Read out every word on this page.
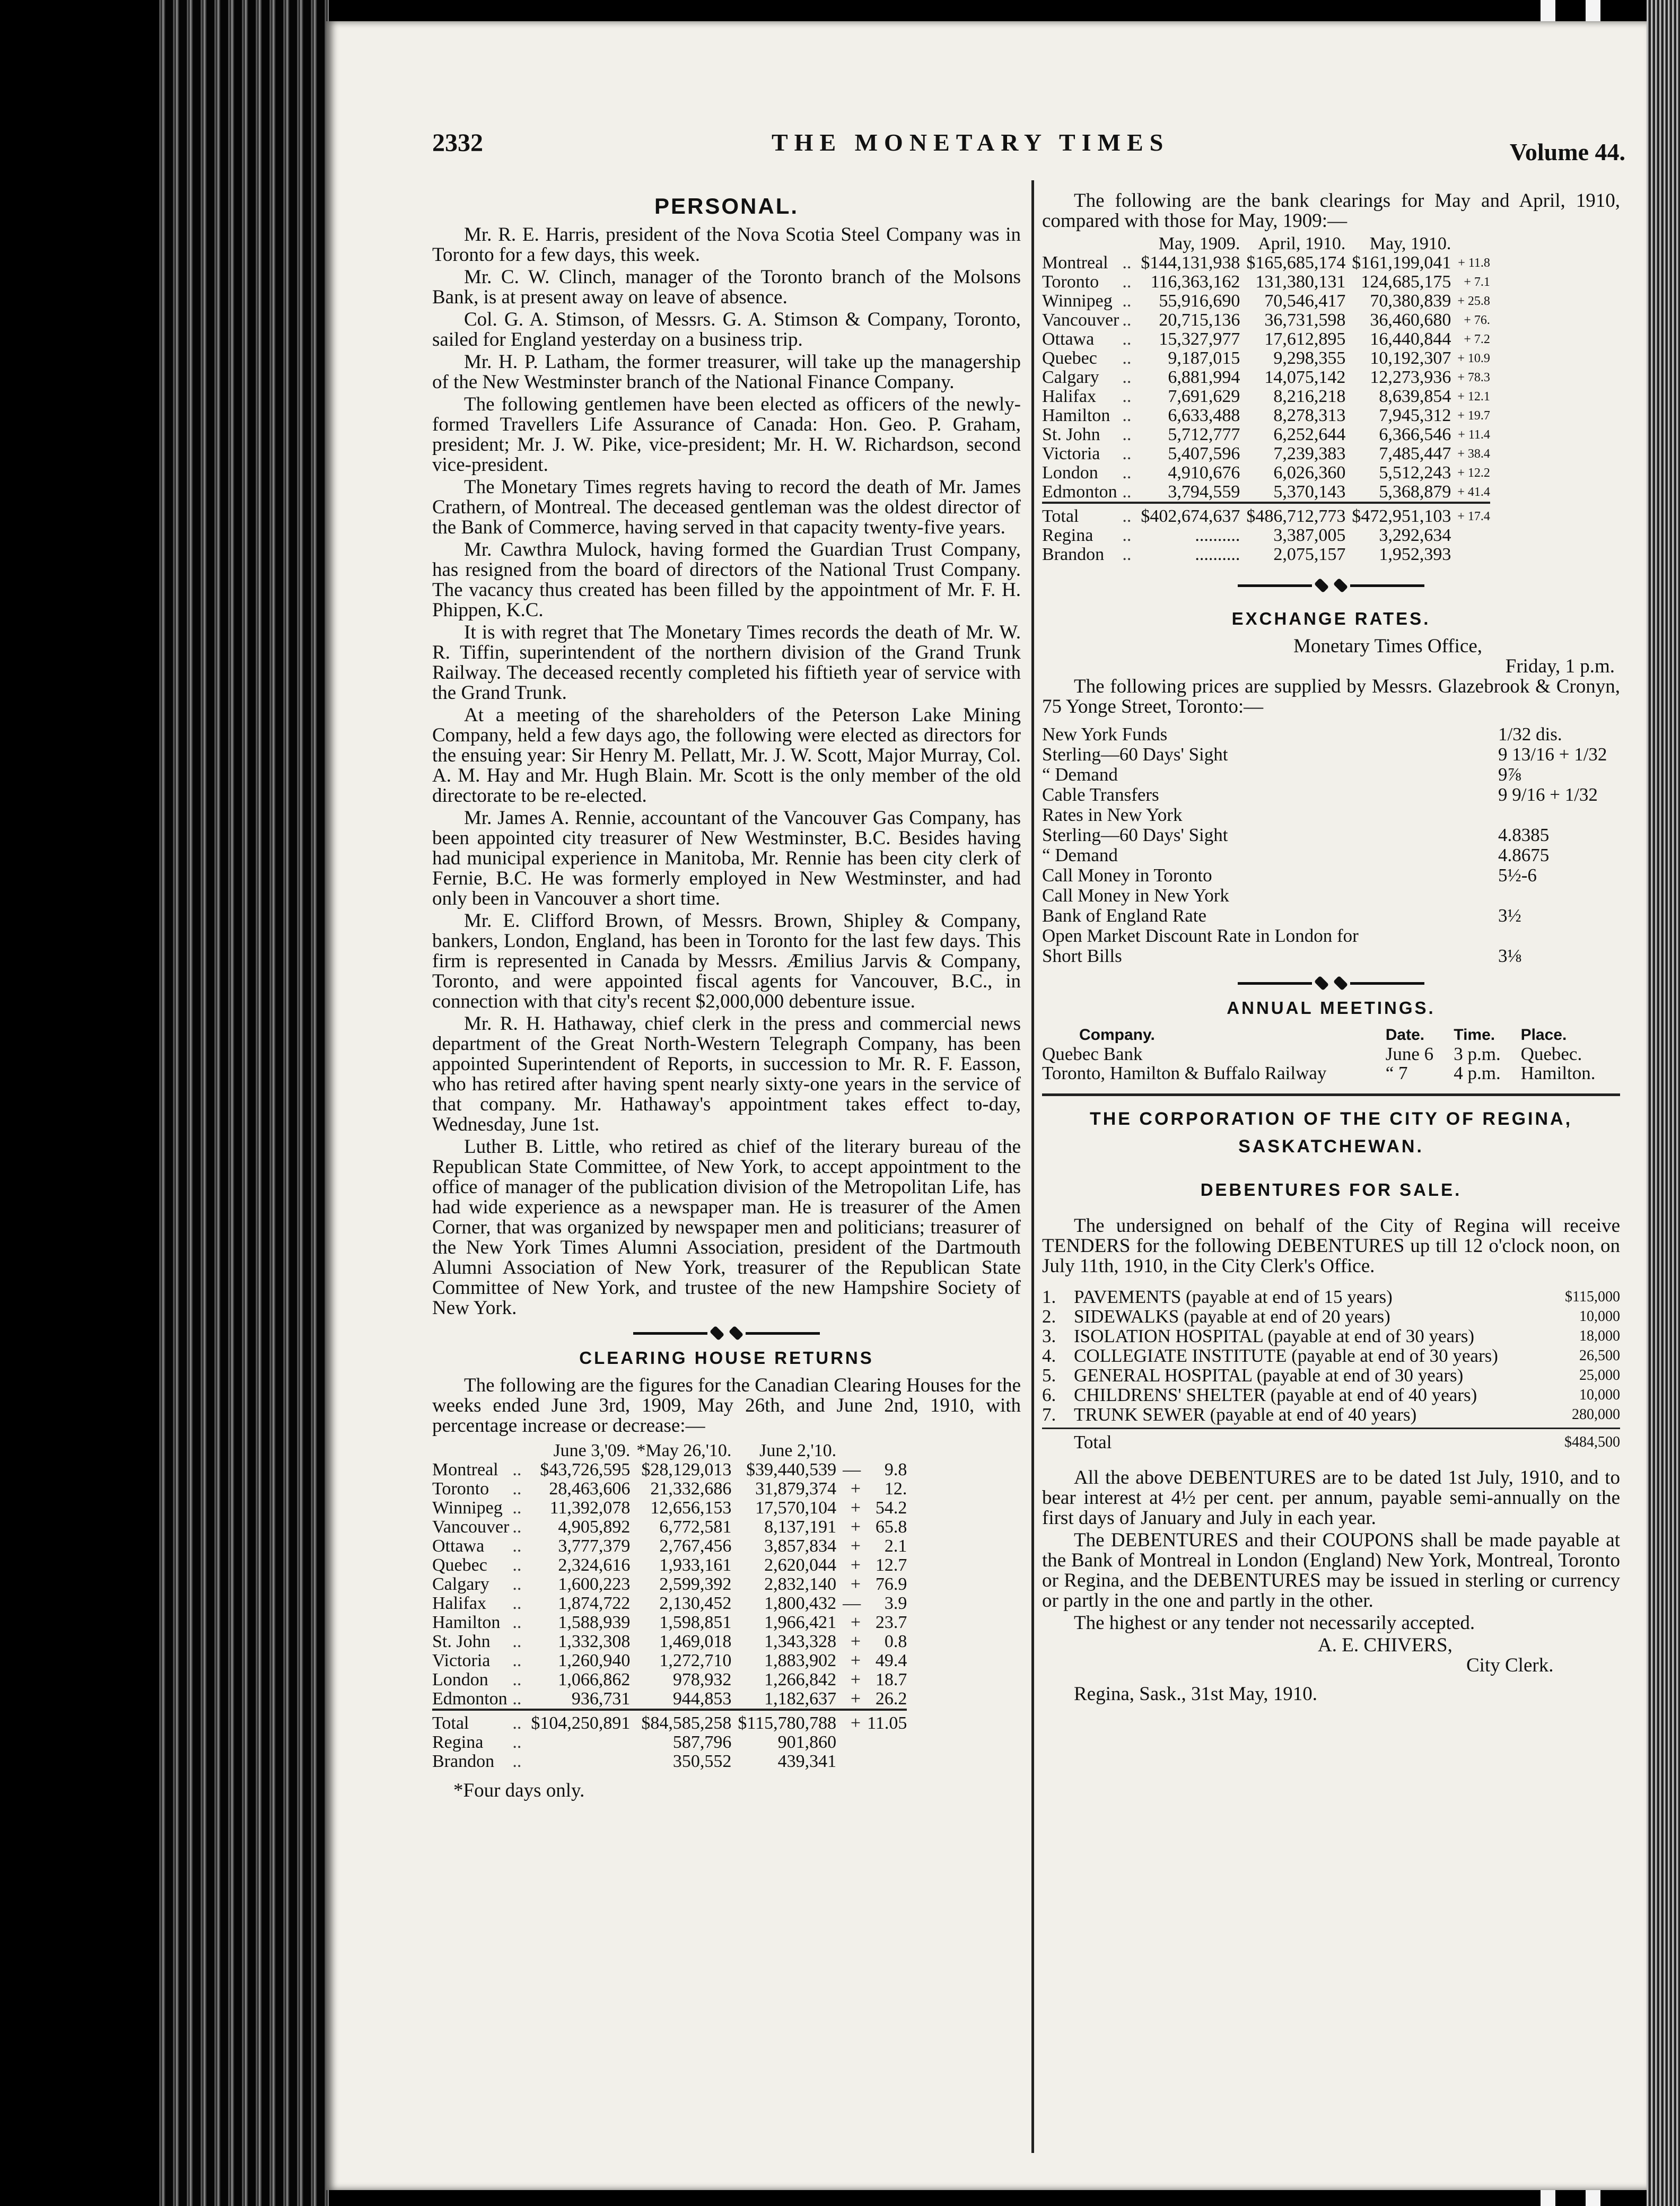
2332	THE MONETARY TIMES	Volume 44.
PERSONAL.

Mr. R. E. Harris, president of the Nova Scotia Steel Company was in Toronto for a few days, this week.

Mr. C. W. Clinch, manager of the Toronto branch of the Molsons Bank, is at present away on leave of absence.

Col. G. A. Stimson, of Messrs. G. A. Stimson & Company, Toronto, sailed for England yesterday on a business trip.

Mr. H. P. Latham, the former treasurer, will take up the managership of the New Westminster branch of the National Finance Company.

The following gentlemen have been elected as officers of the newly-formed Travellers Life Assurance of Canada: Hon. Geo. P. Graham, president; Mr. J. W. Pike, vice-president; Mr. H. W. Richardson, second vice-president.

The Monetary Times regrets having to record the death of Mr. James Crathern, of Montreal. The deceased gentleman was the oldest director of the Bank of Commerce, having served in that capacity twenty-five years.

Mr. Cawthra Mulock, having formed the Guardian Trust Company, has resigned from the board of directors of the National Trust Company. The vacancy thus created has been filled by the appointment of Mr. F. H. Phippen, K.C.

It is with regret that The Monetary Times records the death of Mr. W. R. Tiffin, superintendent of the northern division of the Grand Trunk Railway. The deceased recently completed his fiftieth year of service with the Grand Trunk.

At a meeting of the shareholders of the Peterson Lake Mining Company, held a few days ago, the following were elected as directors for the ensuing year: Sir Henry M. Pellatt, Mr. J. W. Scott, Major Murray, Col. A. M. Hay and Mr. Hugh Blain. Mr. Scott is the only member of the old directorate to be re-elected.

Mr. James A. Rennie, accountant of the Vancouver Gas Company, has been appointed city treasurer of New Westminster, B.C. Besides having had municipal experience in Manitoba, Mr. Rennie has been city clerk of Fernie, B.C. He was formerly employed in New Westminster, and had only been in Vancouver a short time.

Mr. E. Clifford Brown, of Messrs. Brown, Shipley & Company, bankers, London, England, has been in Toronto for the last few days. This firm is represented in Canada by Messrs. Æmilius Jarvis & Company, Toronto, and were appointed fiscal agents for Vancouver, B.C., in connection with that city's recent $2,000,000 debenture issue.

Mr. R. H. Hathaway, chief clerk in the press and commercial news department of the Great North-Western Telegraph Company, has been appointed Superintendent of Reports, in succession to Mr. R. F. Easson, who has retired after having spent nearly sixty-one years in the service of that company. Mr. Hathaway's appointment takes effect to-day, Wednesday, June 1st.

Luther B. Little, who retired as chief of the literary bureau of the Republican State Committee, of New York, to accept appointment to the office of manager of the publication division of the Metropolitan Life, has had wide experience as a newspaper man. He is treasurer of the Amen Corner, that was organized by newspaper men and politicians; treasurer of the New York Times Alumni Association, president of the Dartmouth Alumni Association of New York, treasurer of the Republican State Committee of New York, and trustee of the new Hampshire Society of New York.

CLEARING HOUSE RETURNS

The following are the figures for the Canadian Clearing Houses for the weeks ended June 3rd, 1909, May 26th, and June 2nd, 1910, with percentage increase or decrease:—

		June 3,'09.	*May 26,'10.	June 2,'10.		
Montreal	..	$43,726,595	$28,129,013	$39,440,539	—	9.8
Toronto	..	28,463,606	21,332,686	31,879,374	+	12.
Winnipeg	..	11,392,078	12,656,153	17,570,104	+	54.2
Vancouver	..	4,905,892	6,772,581	8,137,191	+	65.8
Ottawa	..	3,777,379	2,767,456	3,857,834	+	2.1
Quebec	..	2,324,616	1,933,161	2,620,044	+	12.7
Calgary	..	1,600,223	2,599,392	2,832,140	+	76.9
Halifax	..	1,874,722	2,130,452	1,800,432	—	3.9
Hamilton	..	1,588,939	1,598,851	1,966,421	+	23.7
St. John	..	1,332,308	1,469,018	1,343,328	+	0.8
Victoria	..	1,260,940	1,272,710	1,883,902	+	49.4
London	..	1,066,862	978,932	1,266,842	+	18.7
Edmonton	..	936,731	944,853	1,182,637	+	26.2
Total	..	$104,250,891	$84,585,258	$115,780,788	+	11.05
Regina	..		587,796	901,860		
Brandon	..		350,552	439,341		
*Four days only.

The following are the bank clearings for May and April, 1910, compared with those for May, 1909:—

		May, 1909.	April, 1910.	May, 1910.	
Montreal	..	$144,131,938	$165,685,174	$161,199,041	+ 11.8
Toronto	..	116,363,162	131,380,131	124,685,175	+ 7.1
Winnipeg	..	55,916,690	70,546,417	70,380,839	+ 25.8
Vancouver	..	20,715,136	36,731,598	36,460,680	+ 76.
Ottawa	..	15,327,977	17,612,895	16,440,844	+ 7.2
Quebec	..	9,187,015	9,298,355	10,192,307	+ 10.9
Calgary	..	6,881,994	14,075,142	12,273,936	+ 78.3
Halifax	..	7,691,629	8,216,218	8,639,854	+ 12.1
Hamilton	..	6,633,488	8,278,313	7,945,312	+ 19.7
St. John	..	5,712,777	6,252,644	6,366,546	+ 11.4
Victoria	..	5,407,596	7,239,383	7,485,447	+ 38.4
London	..	4,910,676	6,026,360	5,512,243	+ 12.2
Edmonton	..	3,794,559	5,370,143	5,368,879	+ 41.4
Total	..	$402,674,637	$486,712,773	$472,951,103	+ 17.4
Regina	..	..........	3,387,005	3,292,634	
Brandon	..	..........	2,075,157	1,952,393	
EXCHANGE RATES.
Monetary Times Office,
Friday, 1 p.m.

The following prices are supplied by Messrs. Glazebrook & Cronyn, 75 Yonge Street, Toronto:—

New York Funds	1/32 dis.
Sterling—60 Days' Sight	9 13/16 + 1/32
“ Demand	9⅞
Cable Transfers	9 9/16 + 1/32
Rates in New York
Sterling—60 Days' Sight	4.8385
“ Demand	4.8675
Call Money in Toronto	5½-6
Call Money in New York
Bank of England Rate	3½
Open Market Discount Rate in London for
Short Bills	3⅛
ANNUAL MEETINGS.
Company.	Date.	Time.	Place.
Quebec Bank	June 6	3 p.m.	Quebec.
Toronto, Hamilton & Buffalo Railway	“ 7	4 p.m.	Hamilton.
THE CORPORATION OF THE CITY OF REGINA,
SASKATCHEWAN.
DEBENTURES FOR SALE.

The undersigned on behalf of the City of Regina will receive TENDERS for the following DEBENTURES up till 12 o'clock noon, on July 11th, 1910, in the City Clerk's Office.

1. PAVEMENTS (payable at end of 15 years)	$115,000
2. SIDEWALKS (payable at end of 20 years)	10,000
3. ISOLATION HOSPITAL (payable at end of 30 years)	18,000
4. COLLEGIATE INSTITUTE (payable at end of 30 years)	26,500
5. GENERAL HOSPITAL (payable at end of 30 years)	25,000
6. CHILDRENS' SHELTER (payable at end of 40 years)	10,000
7. TRUNK SEWER (payable at end of 40 years)	280,000
Total	$484,500

All the above DEBENTURES are to be dated 1st July, 1910, and to bear interest at 4½ per cent. per annum, payable semi-annually on the first days of January and July in each year.

The DEBENTURES and their COUPONS shall be made payable at the Bank of Montreal in London (England) New York, Montreal, Toronto or Regina, and the DEBENTURES may be issued in sterling or currency or partly in the one and partly in the other.

The highest or any tender not necessarily accepted.

A. E. CHIVERS,
City Clerk.
Regina, Sask., 31st May, 1910.
